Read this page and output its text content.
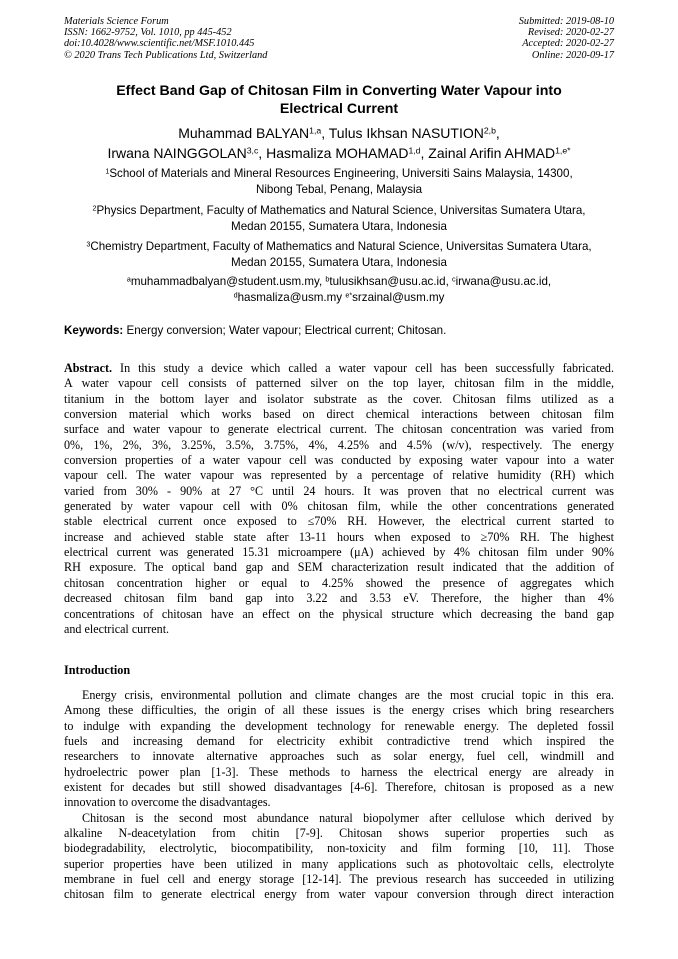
Materials Science Forum
ISSN: 1662-9752, Vol. 1010, pp 445-452
doi:10.4028/www.scientific.net/MSF.1010.445
© 2020 Trans Tech Publications Ltd, Switzerland
Submitted: 2019-08-10
Revised: 2020-02-27
Accepted: 2020-02-27
Online: 2020-09-17
Effect Band Gap of Chitosan Film in Converting Water Vapour into
Electrical Current
Muhammad BALYAN$^{1,a}$, Tulus Ikhsan NASUTION$^{2,b}$,
Irwana NAINGGOLAN$^{3,c}$, Hasmaliza MOHAMAD$^{1,d}$, Zainal Arifin $AHMAD^{1,e*}$
$^1$School of Materials and Mineral Resources Engineering, Universiti Sains Malaysia, 14300,
Nibong Tebal, Penang, Malaysia
$^2$Physics Department, Faculty of Mathematics and Natural Science, Universitas Sumatera Utara,
Medan 20155, Sumatera Utara, Indonesia
$^3$Chemistry Department, Faculty of Mathematics and Natural Science, Universitas Sumatera Utara,
Medan 20155, Sumatera Utara, Indonesia
$^a$muhammadbalyan@student.usm.my, $^b$tulusikhsan@usu.ac.id, $^c$irwana@usu.ac.id,
$^d$hasmaliza@usm.my $^{e*}$srzainal@usm.my
Keywords: Energy conversion; Water vapour; Electrical current; Chitosan.
Abstract. In this study a device which called a water vapour cell has been successfully fabricated.
A water vapour cell consists of patterned silver on the top layer, chitosan film in the middle,
titanium in the bottom layer and isolator substrate as the cover. Chitosan films utilized as a
conversion material which works based on direct chemical interactions between chitosan film
surface and water vapour to generate electrical current. The chitosan concentration was varied from
0%, 1%, 2%, 3%, 3.25%, 3.5%, 3.75%, 4%, 4.25% and 4.5% (w/v), respectively. The energy
conversion properties of a water vapour cell was conducted by exposing water vapour into a water
vapour cell. The water vapour was represented by a percentage of relative humidity (RH) which
varied from 30% - 90% at 27 °C until 24 hours. It was proven that no electrical current was
generated by water vapour cell with 0% chitosan film, while the other concentrations generated
stable electrical current once exposed to ≤70% RH. However, the electrical current started to
increase and achieved stable state after 13-11 hours when exposed to ≥70% RH. The highest
electrical current was generated 15.31 microampere (μA) achieved by 4% chitosan film under 90%
RH exposure. The optical band gap and SEM characterization result indicated that the addition of
chitosan concentration higher or equal to 4.25% showed the presence of aggregates which
decreased chitosan film band gap into 3.22 and 3.53 eV. Therefore, the higher than 4%
concentrations of chitosan have an effect on the physical structure which decreasing the band gap
and electrical current.
Introduction
Energy crisis, environmental pollution and climate changes are the most crucial topic in this era.
Among these difficulties, the origin of all these issues is the energy crises which bring researchers
to indulge with expanding the development technology for renewable energy. The depleted fossil
fuels and increasing demand for electricity exhibit contradictive trend which inspired the
researchers to innovate alternative approaches such as solar energy, fuel cell, windmill and
hydroelectric power plan [1-3]. These methods to harness the electrical energy are already in
existent for decades but still showed disadvantages [4-6]. Therefore, chitosan is proposed as a new
innovation to overcome the disadvantages.
Chitosan is the second most abundance natural biopolymer after cellulose which derived by
alkaline N-deacetylation from chitin [7-9]. Chitosan shows superior properties such as
biodegradability, electrolytic, biocompatibility, non-toxicity and film forming [10, 11]. Those
superior properties have been utilized in many applications such as photovoltaic cells, electrolyte
membrane in fuel cell and energy storage [12-14]. The previous research has succeeded in utilizing
chitosan film to generate electrical energy from water vapour conversion through direct interaction
